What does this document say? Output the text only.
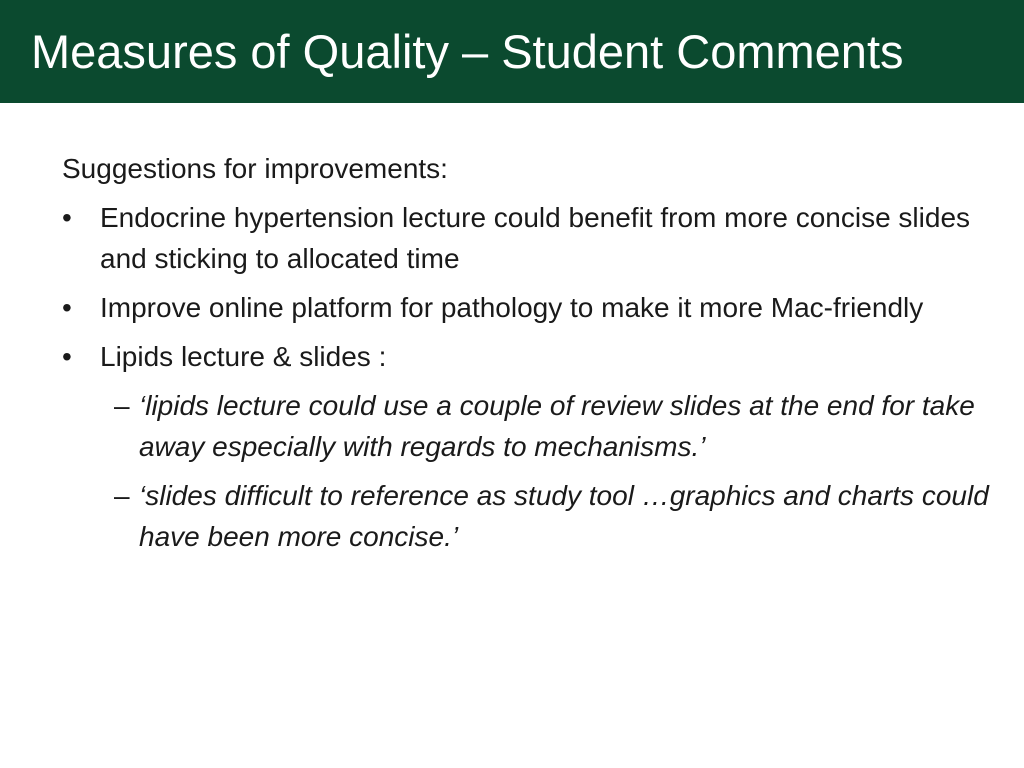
Measures of Quality – Student Comments

Suggestions for improvements:

•	Endocrine hypertension lecture could benefit from more concise slides and sticking to allocated time
•	Improve online platform for pathology to make it more Mac-friendly
•	Lipids lecture & slides :
– ‘lipids lecture could use a couple of review slides at the end for take away especially with regards to mechanisms.’
– ‘slides difficult to reference as study tool …graphics and charts could have been more concise.’
